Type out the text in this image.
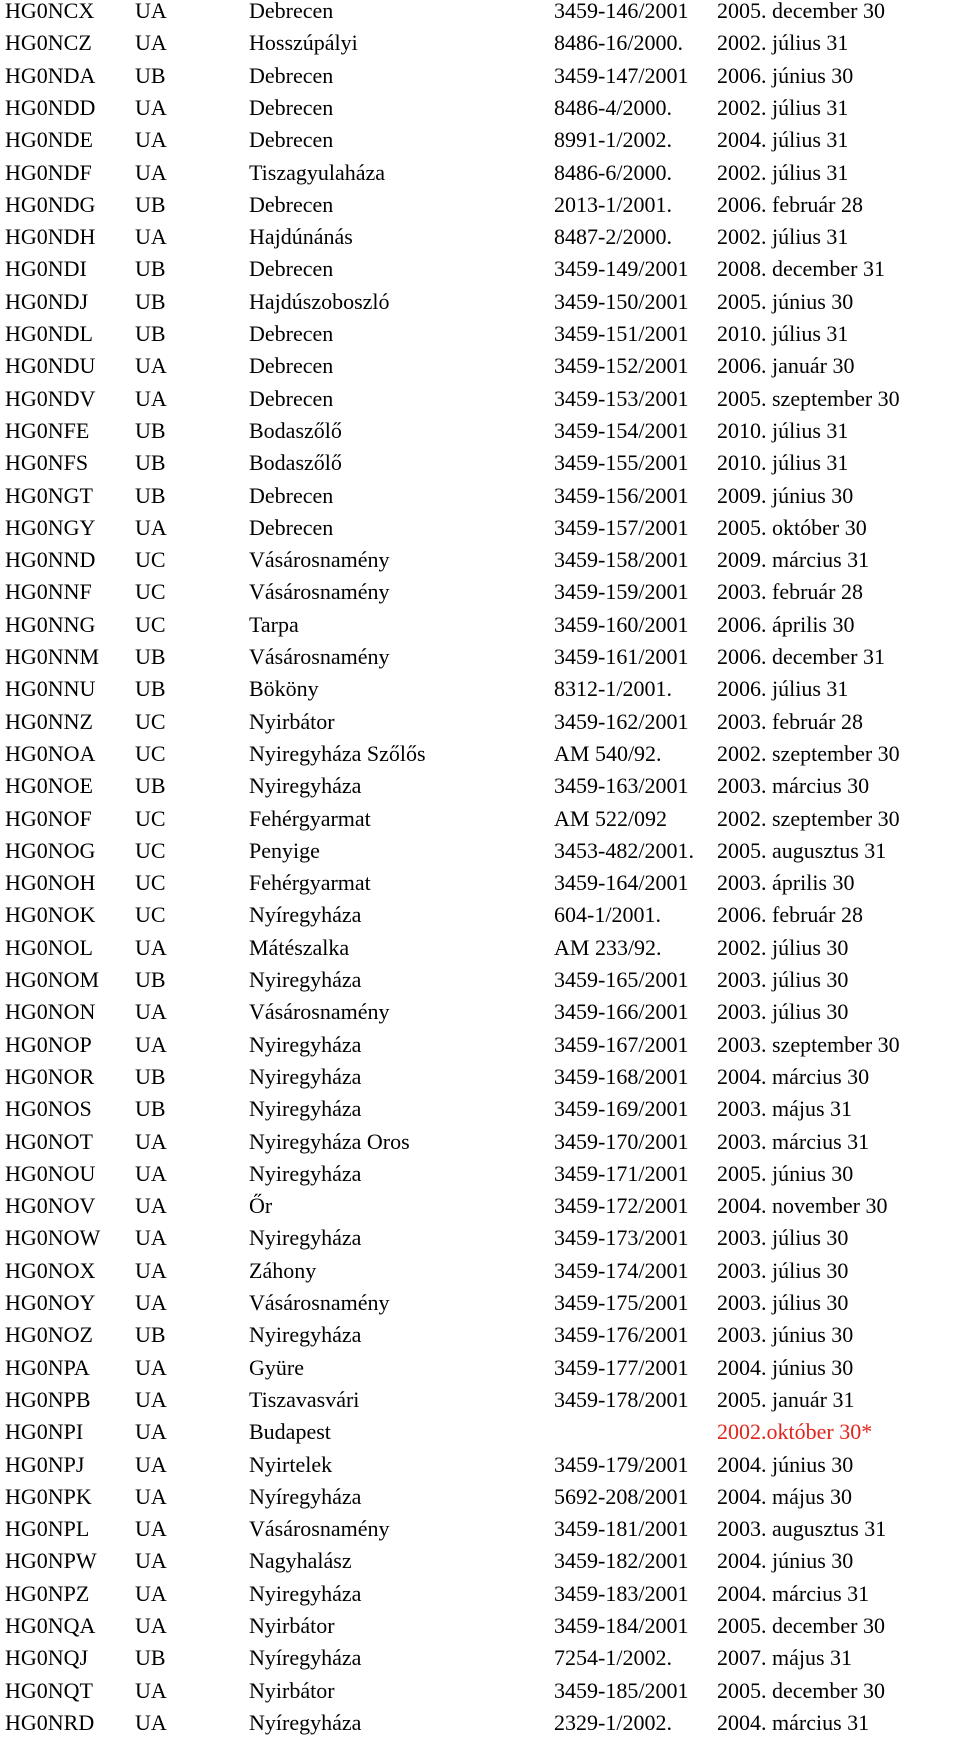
HG0NCX UA	Debrecen	3459-146/2001 2005. december 30
HG0NCZ UA	Hosszúpályi	8486-16/2000. 2002. július 31
HG0NDA UB	Debrecen	3459-147/2001 2006. június 30
HG0NDD UA	Debrecen	8486-4/2000. 2002. július 31
HG0NDE UA	Debrecen	8991-1/2002. 2004. július 31
HG0NDF UA	Tiszagyulaháza	8486-6/2000. 2002. július 31
HG0NDG UB	Debrecen	2013-1/2001. 2006. február 28
HG0NDH UA	Hajdúnánás	8487-2/2000. 2002. július 31
HG0NDI UB	Debrecen	3459-149/2001 2008. december 31
HG0NDJ UB	Hajdúszoboszló	3459-150/2001 2005. június 30
HG0NDL UB	Debrecen	3459-151/2001 2010. július 31
HG0NDU UA	Debrecen	3459-152/2001 2006. január 30
HG0NDV UA	Debrecen	3459-153/2001 2005. szeptember 30
HG0NFE UB	Bodaszőlő	3459-154/2001 2010. július 31
HG0NFS UB	Bodaszőlő	3459-155/2001 2010. július 31
HG0NGT UB	Debrecen	3459-156/2001 2009. június 30
HG0NGY UA	Debrecen	3459-157/2001 2005. október 30
HG0NND UC	Vásárosnamény	3459-158/2001 2009. március 31
HG0NNF UC	Vásárosnamény	3459-159/2001 2003. február 28
HG0NNG UC	Tarpa	3459-160/2001 2006. április 30
HG0NNM UB	Vásárosnamény	3459-161/2001 2006. december 31
HG0NNU UB	Bököny	8312-1/2001. 2006. július 31
HG0NNZ UC	Nyirbátor	3459-162/2001 2003. február 28
HG0NOA UC	Nyiregyháza Szőlős	AM 540/92.	2002. szeptember 30
HG0NOE UB	Nyiregyháza	3459-163/2001 2003. március 30
HG0NOF UC	Fehérgyarmat	AM 522/092 2002. szeptember 30
HG0NOG UC	Penyige	3453-482/2001. 2005. augusztus 31
HG0NOH UC	Fehérgyarmat	3459-164/2001 2003. április 30
HG0NOK UC	Nyíregyháza	604-1/2001.	2006. február 28
HG0NOL UA	Mátészalka	AM 233/92.	2002. július 30
HG0NOM UB	Nyiregyháza	3459-165/2001 2003. július 30
HG0NON UA	Vásárosnamény	3459-166/2001 2003. július 30
HG0NOP UA	Nyiregyháza	3459-167/2001 2003. szeptember 30
HG0NOR UB	Nyiregyháza	3459-168/2001 2004. március 30
HG0NOS UB	Nyiregyháza	3459-169/2001 2003. május 31
HG0NOT UA	Nyiregyháza Oros	3459-170/2001 2003. március 31
HG0NOU UA	Nyiregyháza	3459-171/2001 2005. június 30
HG0NOV UA	Őr	3459-172/2001 2004. november 30
HG0NOW UA	Nyiregyháza	3459-173/2001 2003. július 30
HG0NOX UA	Záhony	3459-174/2001 2003. július 30
HG0NOY UA	Vásárosnamény	3459-175/2001 2003. július 30
HG0NOZ UB	Nyiregyháza	3459-176/2001 2003. június 30
HG0NPA UA	Gyüre	3459-177/2001 2004. június 30
HG0NPB UA	Tiszavasvári	3459-178/2001 2005. január 31
HG0NPI UA	Budapest	2002.október 30*
HG0NPJ UA	Nyirtelek	3459-179/2001 2004. június 30
HG0NPK UA	Nyíregyháza	5692-208/2001 2004. május 30
HG0NPL UA	Vásárosnamény	3459-181/2001 2003. augusztus 31
HG0NPW UA	Nagyhalász	3459-182/2001 2004. június 30
HG0NPZ UA	Nyiregyháza	3459-183/2001 2004. március 31
HG0NQA UA	Nyirbátor	3459-184/2001 2005. december 30
HG0NQJ UB	Nyíregyháza	7254-1/2002. 2007. május 31
HG0NQT UA	Nyirbátor	3459-185/2001 2005. december 30
HG0NRD UA	Nyíregyháza	2329-1/2002. 2004. március 31
